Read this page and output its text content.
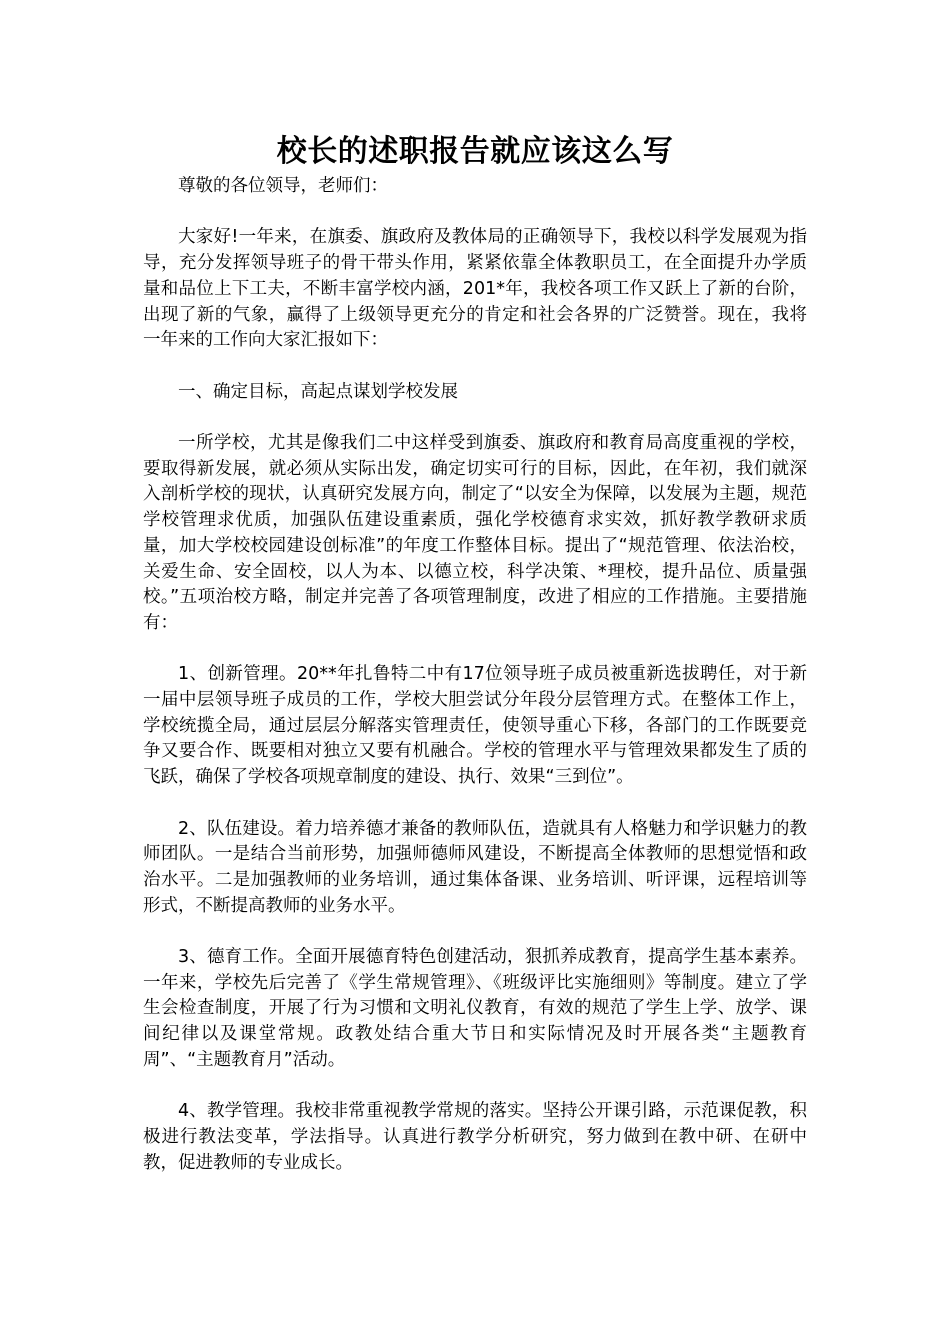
校长的述职报告就应该这么写

尊敬的各位领导，老师们：

大家好!一年来，在旗委、旗政府及教体局的正确领导下，我校以科学发展观为指导，充分发挥领导班子的骨干带头作用，紧紧依靠全体教职员工，在全面提升办学质量和品位上下工夫，不断丰富学校内涵，201*年，我校各项工作又跃上了新的台阶，出现了新的气象，赢得了上级领导更充分的肯定和社会各界的广泛赞誉。现在，我将一年来的工作向大家汇报如下：

一、确定目标，高起点谋划学校发展

一所学校，尤其是像我们二中这样受到旗委、旗政府和教育局高度重视的学校，要取得新发展，就必须从实际出发，确定切实可行的目标，因此，在年初，我们就深入剖析学校的现状，认真研究发展方向，制定了“以安全为保障，以发展为主题，规范学校管理求优质，加强队伍建设重素质，强化学校德育求实效，抓好教学教研求质量，加大学校校园建设创标准”的年度工作整体目标。提出了“规范管理、依法治校，关爱生命、安全固校，以人为本、以德立校，科学决策、*理校，提升品位、质量强校。”五项治校方略，制定并完善了各项管理制度，改进了相应的工作措施。主要措施有：

1、创新管理。20**年扎鲁特二中有17位领导班子成员被重新选拔聘任，对于新一届中层领导班子成员的工作，学校大胆尝试分年段分层管理方式。在整体工作上，学校统揽全局，通过层层分解落实管理责任，使领导重心下移，各部门的工作既要竞争又要合作、既要相对独立又要有机融合。学校的管理水平与管理效果都发生了质的飞跃，确保了学校各项规章制度的建设、执行、效果“三到位”。

2、队伍建设。着力培养德才兼备的教师队伍，造就具有人格魅力和学识魅力的教师团队。一是结合当前形势，加强师德师风建设，不断提高全体教师的思想觉悟和政治水平。二是加强教师的业务培训，通过集体备课、业务培训、听评课，远程培训等形式，不断提高教师的业务水平。

3、德育工作。全面开展德育特色创建活动，狠抓养成教育，提高学生基本素养。一年来，学校先后完善了《学生常规管理》、《班级评比实施细则》等制度。建立了学生会检查制度，开展了行为习惯和文明礼仪教育，有效的规范了学生上学、放学、课间纪律以及课堂常规。政教处结合重大节日和实际情况及时开展各类“主题教育周”、“主题教育月”活动。

4、教学管理。我校非常重视教学常规的落实。坚持公开课引路，示范课促教，积极进行教法变革，学法指导。认真进行教学分析研究，努力做到在教中研、在研中教，促进教师的专业成长。
